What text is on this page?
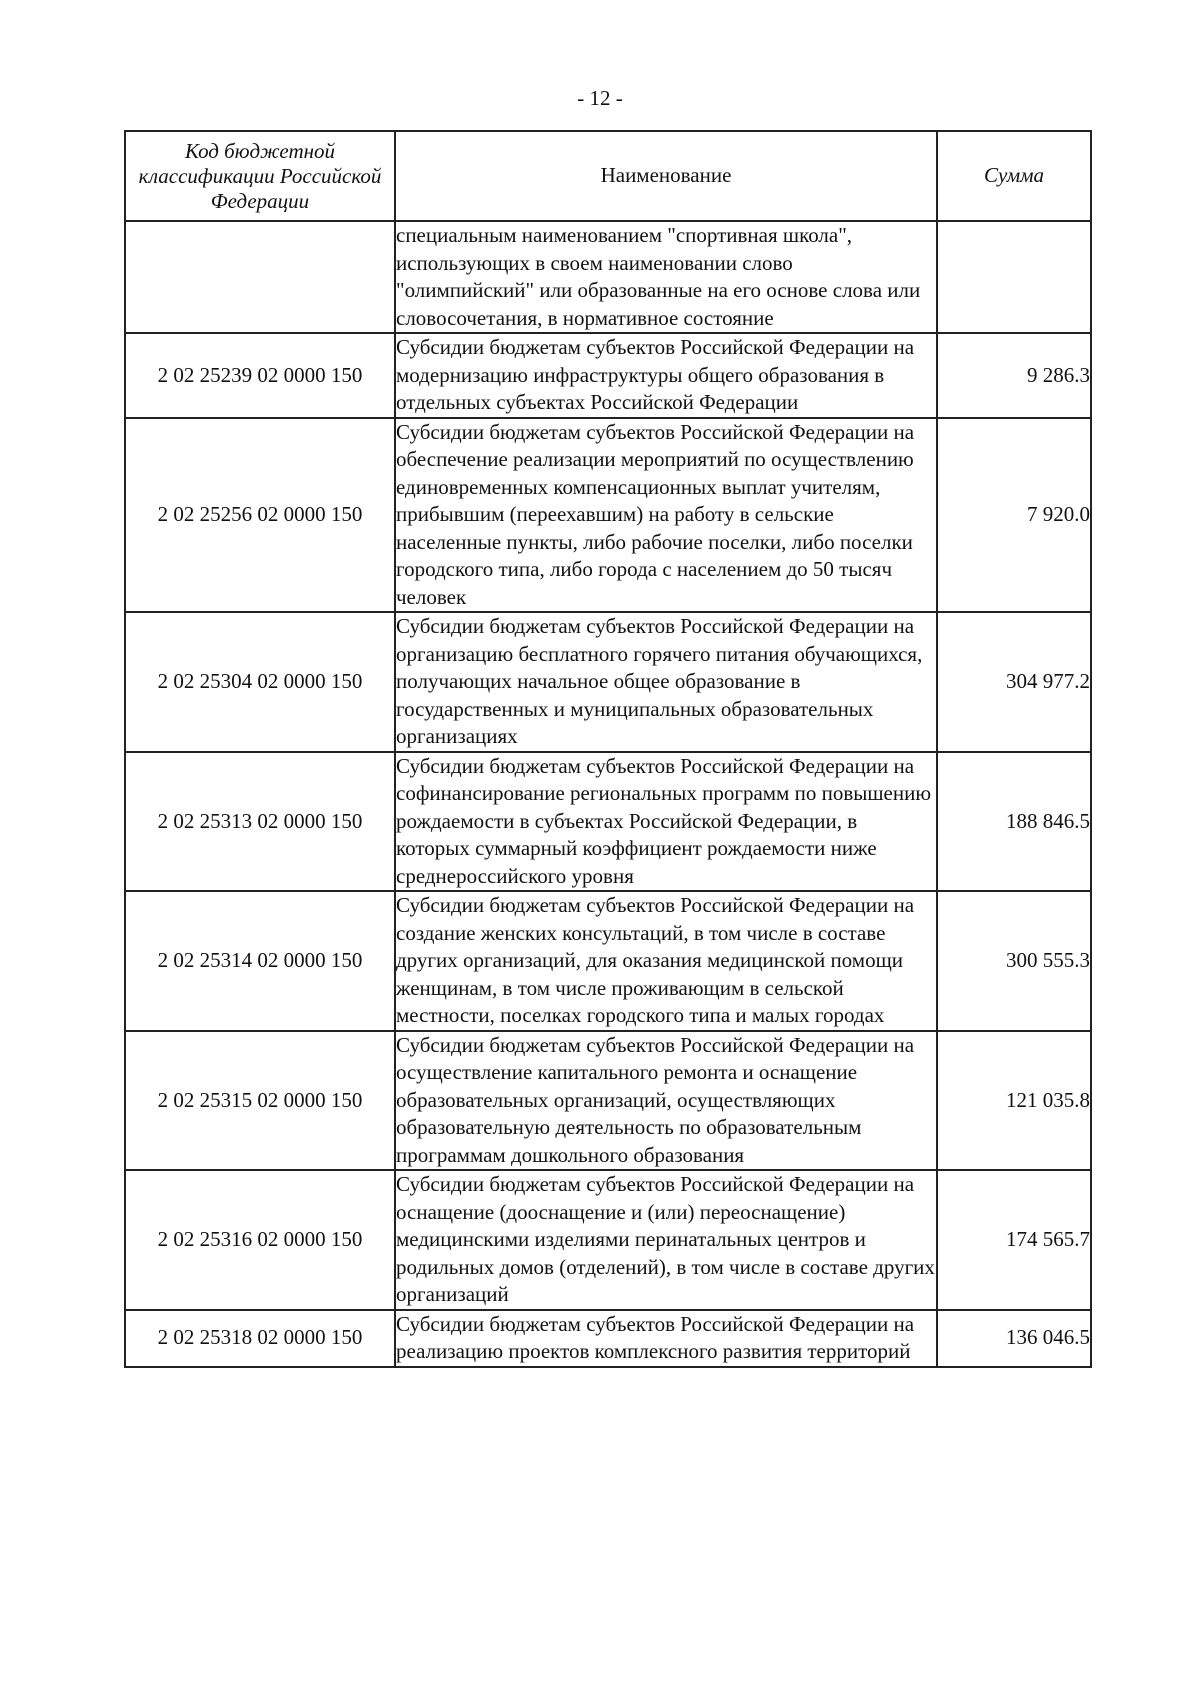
- 12 -
Код бюджетной классификации Российской Федерации	Наименование	Сумма
	специальным наименованием "спортивная школа", использующих в своем наименовании слово "олимпийский" или образованные на его основе слова или словосочетания, в нормативное состояние	
2 02 25239 02 0000 150	Субсидии бюджетам субъектов Российской Федерации на модернизацию инфраструктуры общего образования в отдельных субъектах Российской Федерации	9 286.3
2 02 25256 02 0000 150	Субсидии бюджетам субъектов Российской Федерации на обеспечение реализации мероприятий по осуществлению единовременных компенсационных выплат учителям, прибывшим (переехавшим) на работу в сельские населенные пункты, либо рабочие поселки, либо поселки городского типа, либо города с населением до 50 тысяч человек	7 920.0
2 02 25304 02 0000 150	Субсидии бюджетам субъектов Российской Федерации на организацию бесплатного горячего питания обучающихся, получающих начальное общее образование в государственных и муниципальных образовательных организациях	304 977.2
2 02 25313 02 0000 150	Субсидии бюджетам субъектов Российской Федерации на софинансирование региональных программ по повышению рождаемости в субъектах Российской Федерации, в которых суммарный коэффициент рождаемости ниже среднероссийского уровня	188 846.5
2 02 25314 02 0000 150	Субсидии бюджетам субъектов Российской Федерации на создание женских консультаций, в том числе в составе других организаций, для оказания медицинской помощи женщинам, в том числе проживающим в сельской местности, поселках городского типа и малых городах	300 555.3
2 02 25315 02 0000 150	Субсидии бюджетам субъектов Российской Федерации на осуществление капитального ремонта и оснащение образовательных организаций, осуществляющих образовательную деятельность по образовательным программам дошкольного образования	121 035.8
2 02 25316 02 0000 150	Субсидии бюджетам субъектов Российской Федерации на оснащение (дооснащение и (или) переоснащение) медицинскими изделиями перинатальных центров и родильных домов (отделений), в том числе в составе других организаций	174 565.7
2 02 25318 02 0000 150	Субсидии бюджетам субъектов Российской Федерации на реализацию проектов комплексного развития территорий	136 046.5
